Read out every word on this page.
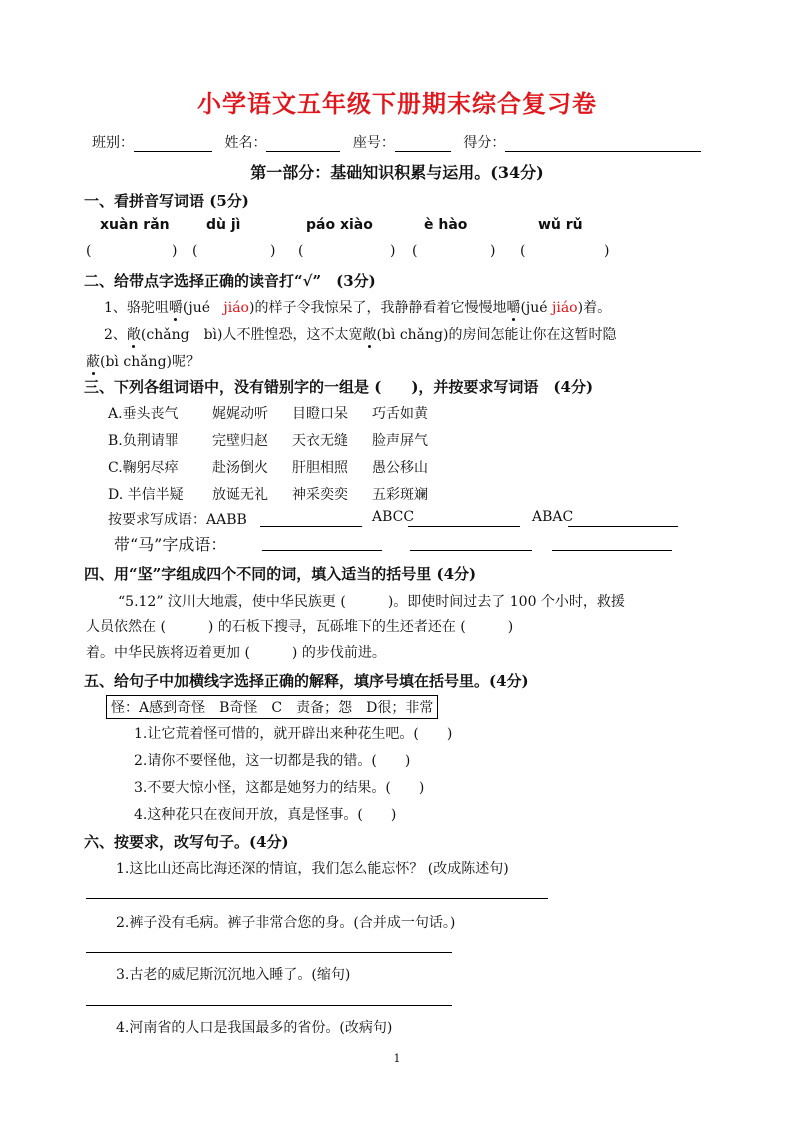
小学语文五年级下册期末综合复习卷
班别：	姓名：	座号：	得分：
第一部分：基础知识积累与运用。(34分)
一、看拼音写词语 (5分)
xuàn rǎn	dù jì	páo xiào	è hào	wǔ rǔ
(	) (	) (	) (	) (	)
二、给带点字选择正确的读音打“√”　(3分)
1、骆驼咀嚼(jué jiáo)的样子令我惊呆了，我静静看着它慢慢地嚼(jué jiáo)着。
2、敞(chǎng　bì)人不胜惶恐，这不太宽敞(bì chǎng)的房间怎能让你在这暂时隐
蔽(bì chǎng)呢？
三、下列各组词语中，没有错别字的一组是 (　　)，并按要求写词语　(4分)
A.垂头丧气 娓娓动听 目瞪口呆 巧舌如黄
B.负荆请罪 完壁归赵 天衣无缝 脸声屏气
C.鞠躬尽瘁 赴汤倒火 肝胆相照 愚公移山
D. 半信半疑 放诞无礼 神采奕奕 五彩斑斓
按要求写成语：AABB	ABCC	ABAC
带“马”字成语：
四、用“坚”字组成四个不同的词，填入适当的括号里 (4分)
“5.12” 汶川大地震，使中华民族更 (　　　)。即使时间过去了 100 个小时，救援
人员依然在 (　　　) 的石板下搜寻，瓦砾堆下的生还者还在 (　　　)
着。中华民族将迈着更加 (　　　) 的步伐前进。
五、给句子中加横线字选择正确的解释，填序号填在括号里。(4分)
怪：A感到奇怪　B奇怪　C　责备；怨　D很；非常
1.让它荒着怪可惜的，就开辟出来种花生吧。(　　)
2.请你不要怪他，这一切都是我的错。(　　)
3.不要大惊小怪，这都是她努力的结果。(　　)
4.这种花只在夜间开放，真是怪事。(　　)
六、按要求，改写句子。(4分)
1.这比山还高比海还深的情谊，我们怎么能忘怀？ (改成陈述句)
2.裤子没有毛病。裤子非常合您的身。(合并成一句话。)
3.古老的威尼斯沉沉地入睡了。(缩句)
4.河南省的人口是我国最多的省份。(改病句)
1
